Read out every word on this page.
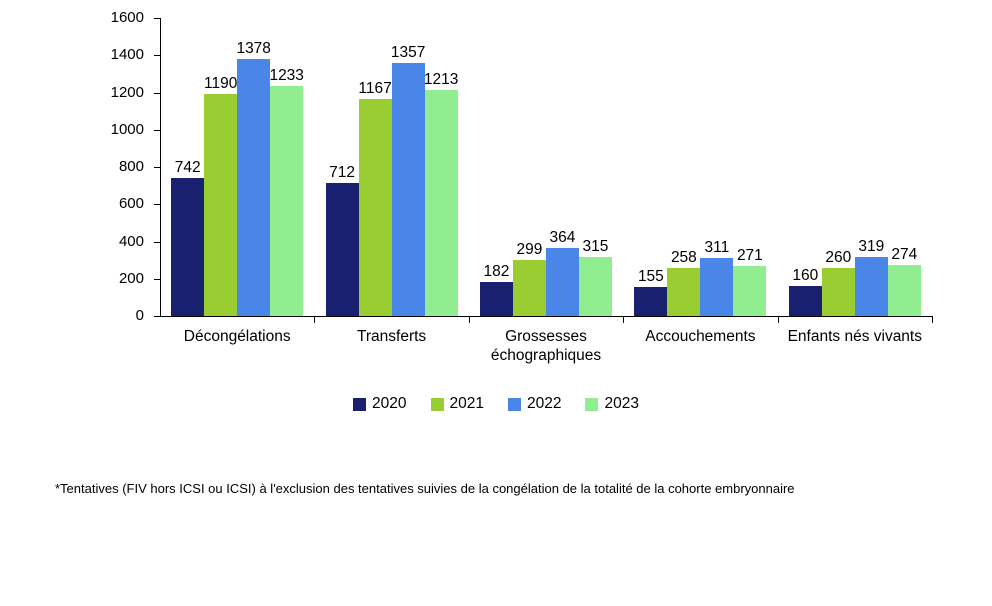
0
200
400
600
800
1000
1200
1400
1600
742
1190
1378
1233
712
1167
1357
1213
182
299
364
315
155
258
311 271
160
260
319 274
Décongélations	Transferts	Grossesses échographiques
Accouchements	Enfants nés vivants
2020	2021	2022	2023
*Tentatives (FIV hors ICSI ou ICSI) à l'exclusion des tentatives suivies de la congélation de la totalité de la cohorte embryonnaire
